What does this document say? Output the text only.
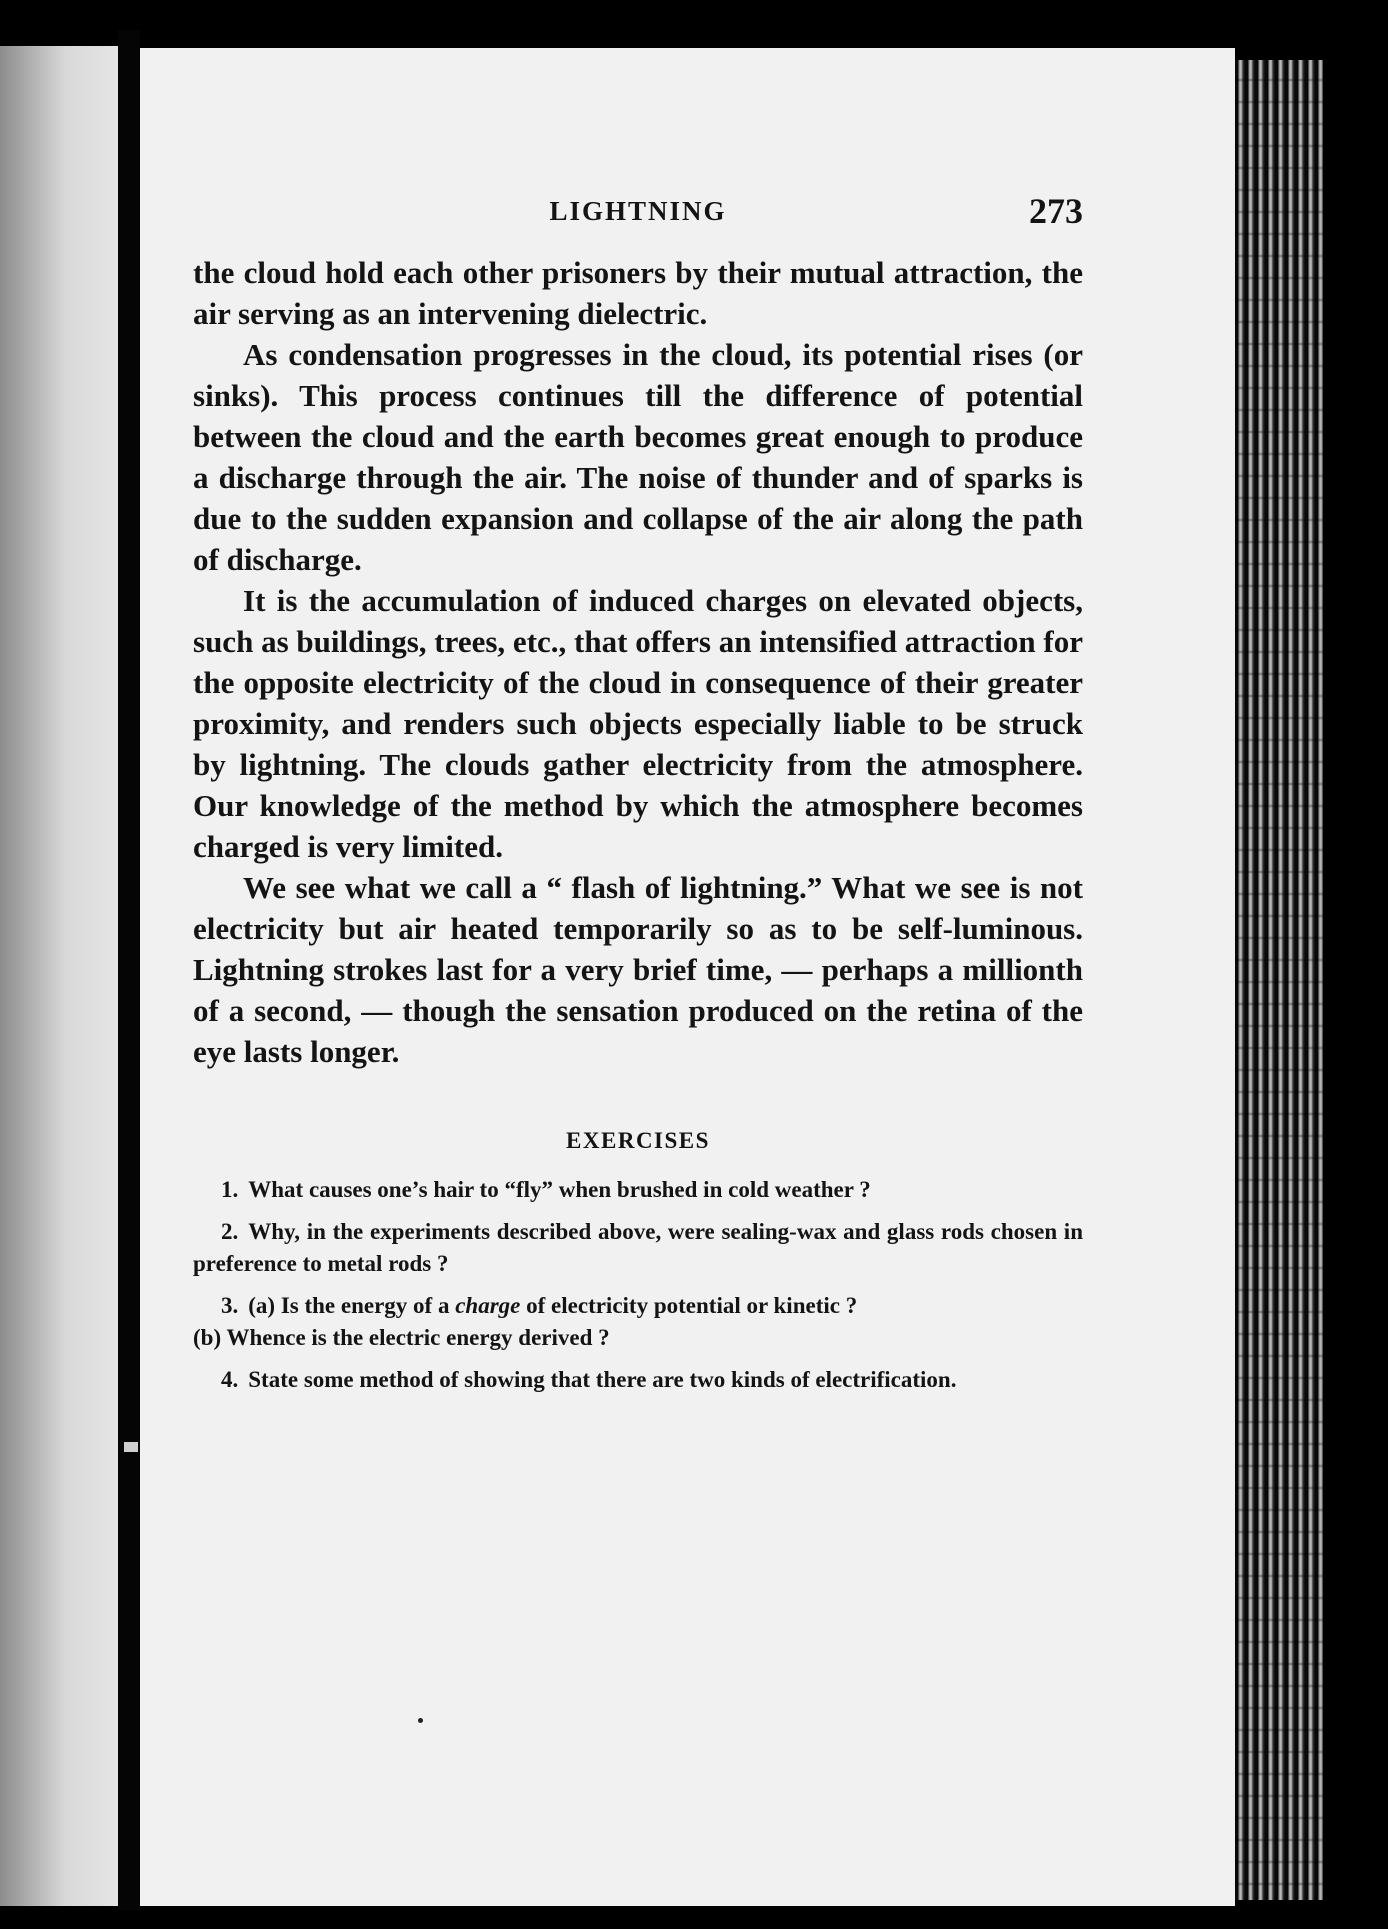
LIGHTNING	273

the cloud hold each other prisoners by their mutual attraction, the air serving as an intervening dielectric.

As condensation progresses in the cloud, its potential rises (or sinks). This process continues till the difference of potential between the cloud and the earth becomes great enough to produce a discharge through the air. The noise of thunder and of sparks is due to the sudden expansion and collapse of the air along the path of discharge.

It is the accumulation of induced charges on elevated objects, such as buildings, trees, etc., that offers an intensified attraction for the opposite electricity of the cloud in consequence of their greater proximity, and renders such objects especially liable to be struck by lightning. The clouds gather electricity from the atmosphere. Our knowledge of the method by which the atmosphere becomes charged is very limited.

We see what we call a “ flash of lightning.” What we see is not electricity but air heated temporarily so as to be self-luminous. Lightning strokes last for a very brief time, — perhaps a millionth of a second, — though the sensation produced on the retina of the eye lasts longer.

EXERCISES
1. What causes one’s hair to “fly” when brushed in cold weather ?
2. Why, in the experiments described above, were sealing-wax and glass rods chosen in preference to metal rods ?
3. (a) Is the energy of a charge of electricity potential or kinetic ?
(b) Whence is the electric energy derived ?
4. State some method of showing that there are two kinds of electrification.
